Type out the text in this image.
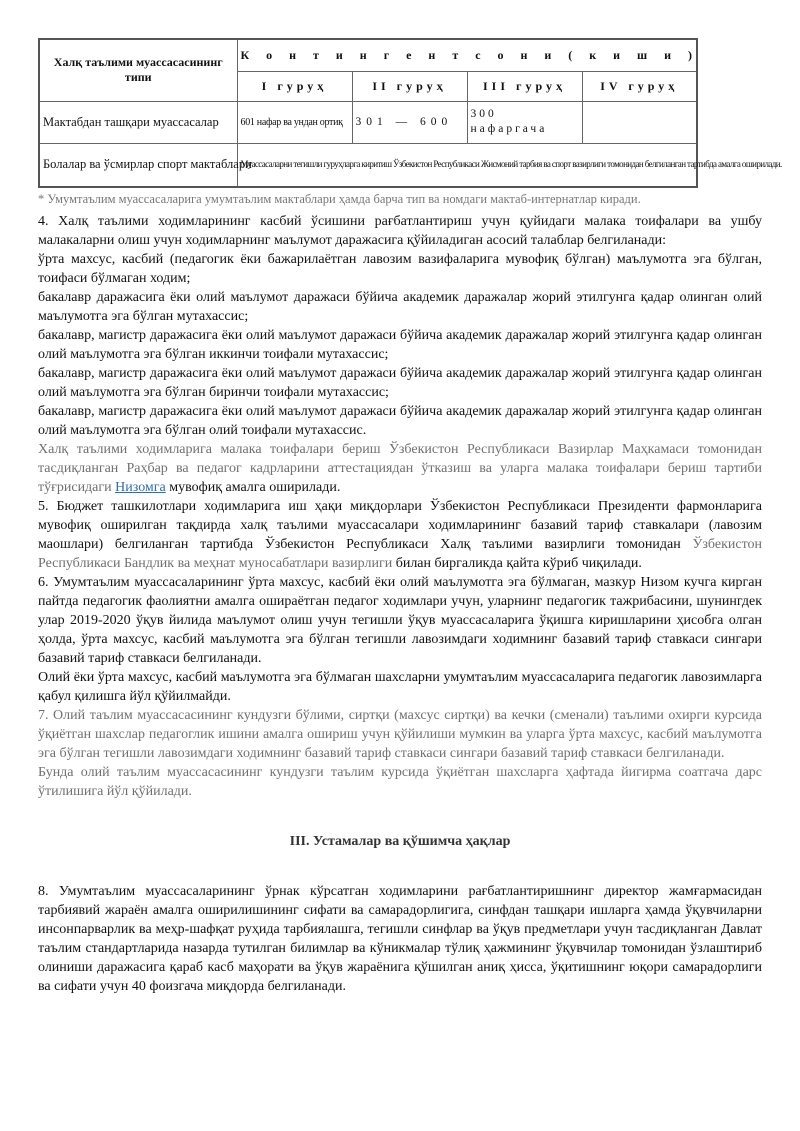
Халқ таълими муассасасининг типи	К о н т и н г е н т с о н и ( к и ш и )			
	I гуруҳ	II гуруҳ	III гуруҳ	IV гуруҳ
Мактабдан ташқари муассасалар	601 нафар ва ундан ортиқ	301 — 600	300 нафаргача	
Болалар ва ўсмирлар спорт мактаблари	Муассасаларни тегишли гуруҳларга киритиш Ўзбекистон Республикаси Жисмоний тарбия ва спорт вазирлиги томонидан белгиланган тартибда амалга оширилади.			

* Умумтаълим муассасаларига умумтаълим мактаблари ҳамда барча тип ва номдаги мактаб-интернатлар киради.

4. Халқ таълими ходимларининг касбий ўсишини рағбатлантириш учун қуйидаги малака тоифалари ва ушбу малакаларни олиш учун ходимларнинг маълумот даражасига қўйиладиган асосий талаблар белгиланади:

ўрта махсус, касбий (педагогик ёки бажарилаётган лавозим вазифаларига мувофиқ бўлган) маълумотга эга бўлган, тоифаси бўлмаган ходим;

бакалавр даражасига ёки олий маълумот даражаси бўйича академик даражалар жорий этилгунга қадар олинган олий маълумотга эга бўлган мутахассис;

бакалавр, магистр даражасига ёки олий маълумот даражаси бўйича академик даражалар жорий этилгунга қадар олинган олий маълумотга эга бўлган иккинчи тоифали мутахассис;

бакалавр, магистр даражасига ёки олий маълумот даражаси бўйича академик даражалар жорий этилгунга қадар олинган олий маълумотга эга бўлган биринчи тоифали мутахассис;

бакалавр, магистр даражасига ёки олий маълумот даражаси бўйича академик даражалар жорий этилгунга қадар олинган олий маълумотга эга бўлган олий тоифали мутахассис.

Халқ таълими ходимларига малака тоифалари бериш Ўзбекистон Республикаси Вазирлар Маҳкамаси томонидан тасдиқланган Раҳбар ва педагог кадрларини аттестациядан ўтказиш ва уларга малака тоифалари бериш тартиби тўғрисидаги Низомга мувофиқ амалга оширилади.

5. Бюджет ташкилотлари ходимларига иш ҳақи миқдорлари Ўзбекистон Республикаси Президенти фармонларига мувофиқ оширилган тақдирда халқ таълими муассасалари ходимларининг базавий тариф ставкалари (лавозим маошлари) белгиланган тартибда Ўзбекистон Республикаси Халқ таълими вазирлиги томонидан Ўзбекистон Республикаси Бандлик ва меҳнат муносабатлари вазирлиги билан биргаликда қайта кўриб чиқилади.

6. Умумтаълим муассасаларининг ўрта махсус, касбий ёки олий маълумотга эга бўлмаган, мазкур Низом кучга кирган пайтда педагогик фаолиятни амалга ошираётган педагог ходимлари учун, уларнинг педагогик тажрибасини, шунингдек улар 2019-2020 ўқув йилида маълумот олиш учун тегишли ўқув муассасаларига ўқишга киришларини ҳисобга олган ҳолда, ўрта махсус, касбий маълумотга эга бўлган тегишли лавозимдаги ходимнинг базавий тариф ставкаси сингари базавий тариф ставкаси белгиланади.

Олий ёки ўрта махсус, касбий маълумотга эга бўлмаган шахсларни умумтаълим муассасаларига педагогик лавозимларга қабул қилишга йўл қўйилмайди.

7. Олий таълим муассасасининг кундузги бўлими, сиртқи (махсус сиртқи) ва кечки (сменали) таълими охирги курсида ўқиётган шахслар педагоглик ишини амалга ошириш учун қўйилиши мумкин ва уларга ўрта махсус, касбий маълумотга эга бўлган тегишли лавозимдаги ходимнинг базавий тариф ставкаси сингари базавий тариф ставкаси белгиланади.

Бунда олий таълим муассасасининг кундузги таълим курсида ўқиётган шахсларга ҳафтада йигирма соатгача дарс ўтилишига йўл қўйилади.

III. Устамалар ва қўшимча ҳақлар

8. Умумтаълим муассасаларининг ўрнак кўрсатган ходимларини рағбатлантиришнинг директор жамғармасидан тарбиявий жараён амалга оширилишининг сифати ва самарадорлигига, синфдан ташқари ишларга ҳамда ўқувчиларни инсонпарварлик ва меҳр-шафқат руҳида тарбиялашга, тегишли синфлар ва ўқув предметлари учун тасдиқланган Давлат таълим стандартларида назарда тутилган билимлар ва кўникмалар тўлиқ ҳажмининг ўқувчилар томонидан ўзлаштириб олиниши даражасига қараб касб маҳорати ва ўқув жараёнига қўшилган аниқ ҳисса, ўқитишнинг юқори самарадорлиги ва сифати учун 40 фоизгача миқдорда белгиланади.
